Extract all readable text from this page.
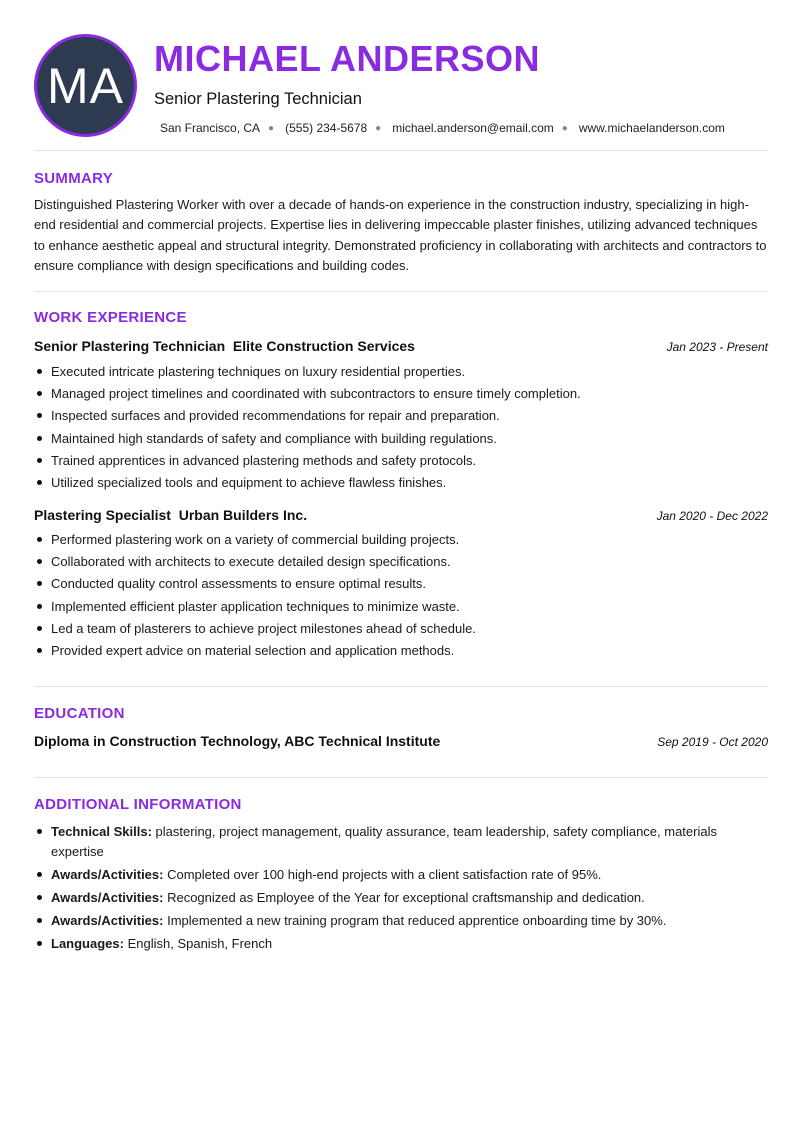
MA MICHAEL ANDERSON
Senior Plastering Technician
San Francisco, CA ● (555) 234-5678 ● michael.anderson@email.com ● www.michaelanderson.com
SUMMARY
Distinguished Plastering Worker with over a decade of hands-on experience in the construction industry, specializing in high-end residential and commercial projects. Expertise lies in delivering impeccable plaster finishes, utilizing advanced techniques to enhance aesthetic appeal and structural integrity. Demonstrated proficiency in collaborating with architects and contractors to ensure compliance with design specifications and building codes.
WORK EXPERIENCE
Senior Plastering Technician  Elite Construction Services	Jan 2023 - Present
Executed intricate plastering techniques on luxury residential properties.
Managed project timelines and coordinated with subcontractors to ensure timely completion.
Inspected surfaces and provided recommendations for repair and preparation.
Maintained high standards of safety and compliance with building regulations.
Trained apprentices in advanced plastering methods and safety protocols.
Utilized specialized tools and equipment to achieve flawless finishes.
Plastering Specialist  Urban Builders Inc.	Jan 2020 - Dec 2022
Performed plastering work on a variety of commercial building projects.
Collaborated with architects to execute detailed design specifications.
Conducted quality control assessments to ensure optimal results.
Implemented efficient plaster application techniques to minimize waste.
Led a team of plasterers to achieve project milestones ahead of schedule.
Provided expert advice on material selection and application methods.
EDUCATION
Diploma in Construction Technology, ABC Technical Institute	Sep 2019 - Oct 2020
ADDITIONAL INFORMATION
Technical Skills: plastering, project management, quality assurance, team leadership, safety compliance, materials expertise
Awards/Activities: Completed over 100 high-end projects with a client satisfaction rate of 95%.
Awards/Activities: Recognized as Employee of the Year for exceptional craftsmanship and dedication.
Awards/Activities: Implemented a new training program that reduced apprentice onboarding time by 30%.
Languages: English, Spanish, French
